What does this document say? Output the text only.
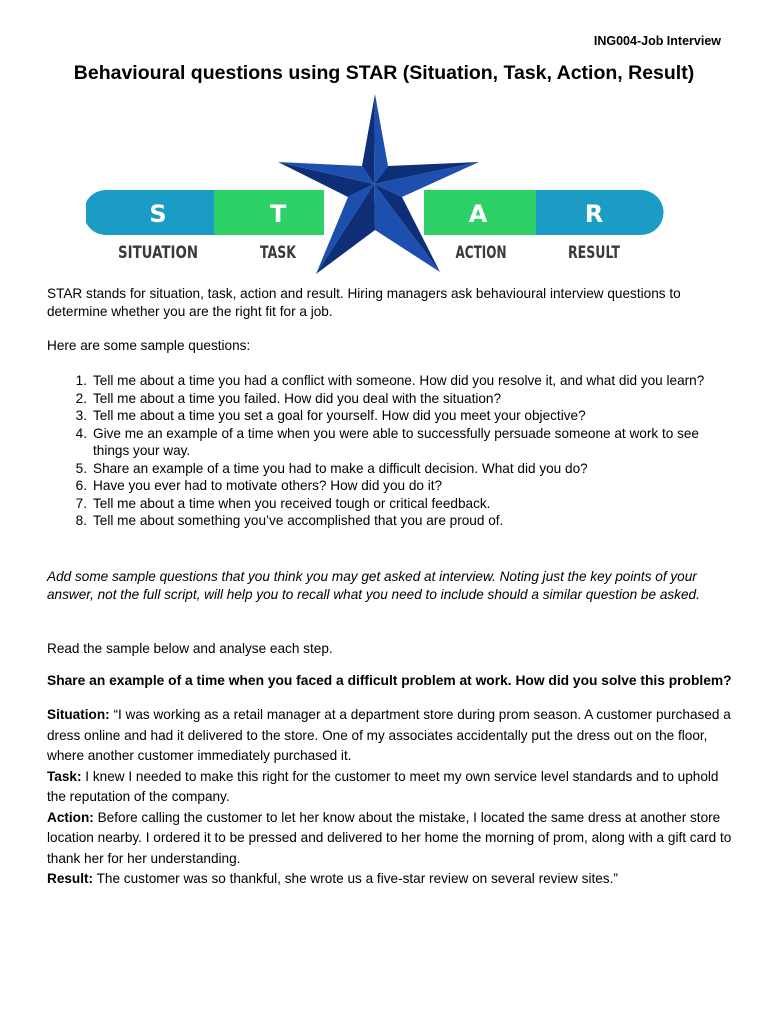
ING004-Job Interview
Behavioural questions using STAR (Situation, Task, Action, Result)
S	T	A	R
SITUATION	TASK	ACTION	RESULT
STAR stands for situation, task, action and result. Hiring managers ask behavioural interview questions to determine whether you are the right fit for a job.
Here are some sample questions:
1. Tell me about a time you had a conflict with someone. How did you resolve it, and what did you learn?
2. Tell me about a time you failed. How did you deal with the situation?
3. Tell me about a time you set a goal for yourself. How did you meet your objective?
4. Give me an example of a time when you were able to successfully persuade someone at work to see things your way.
5. Share an example of a time you had to make a difficult decision. What did you do?
6. Have you ever had to motivate others? How did you do it?
7. Tell me about a time when you received tough or critical feedback.
8. Tell me about something you’ve accomplished that you are proud of.
Add some sample questions that you think you may get asked at interview. Noting just the key points of your answer, not the full script, will help you to recall what you need to include should a similar question be asked.
Read the sample below and analyse each step.
Share an example of a time when you faced a difficult problem at work. How did you solve this problem?

Situation: “I was working as a retail manager at a department store during prom season. A customer purchased a dress online and had it delivered to the store. One of my associates accidentally put the dress out on the floor, where another customer immediately purchased it.

Task: I knew I needed to make this right for the customer to meet my own service level standards and to uphold the reputation of the company.

Action: Before calling the customer to let her know about the mistake, I located the same dress at another store location nearby. I ordered it to be pressed and delivered to her home the morning of prom, along with a gift card to thank her for her understanding.

Result: The customer was so thankful, she wrote us a five-star review on several review sites.”
